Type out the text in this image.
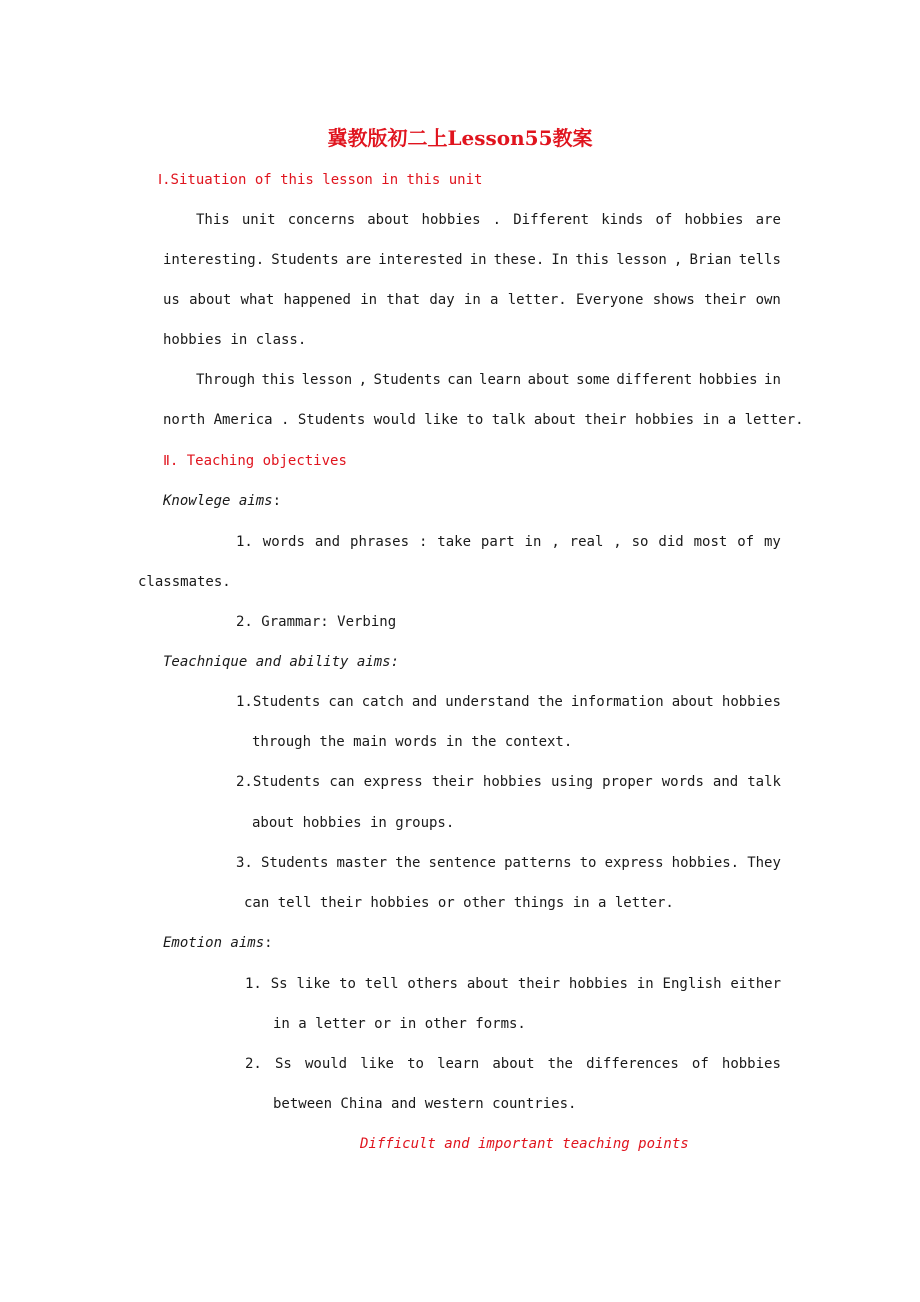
冀教版初二上Lesson55教案
Ⅰ.Situation of this lesson in this unit
This unit concerns about hobbies . Different kinds of hobbies are
interesting. Students are interested in these. In this lesson , Brian tells
us about what happened in that day in a letter. Everyone shows their own
hobbies in class.
Through this lesson , Students can learn about some different hobbies in
north America . Students would like to talk about their hobbies in a letter.
Ⅱ. Teaching objectives
Knowlege aims:
1. words and phrases : take part in , real , so did most of my
classmates.
2. Grammar: Verbing
Teachnique and ability aims:
1.Students can catch and understand the information about hobbies
through the main words in the context.
2.Students can express their hobbies using proper words and talk
about hobbies in groups.
3. Students master the sentence patterns to express hobbies. They
can tell their hobbies or other things in a letter.
Emotion aims:
1. Ss like to tell others about their hobbies in English either
in a letter or in other forms.
2. Ss would like to learn about the differences of hobbies
between China and western countries.
Difficult and important teaching points
